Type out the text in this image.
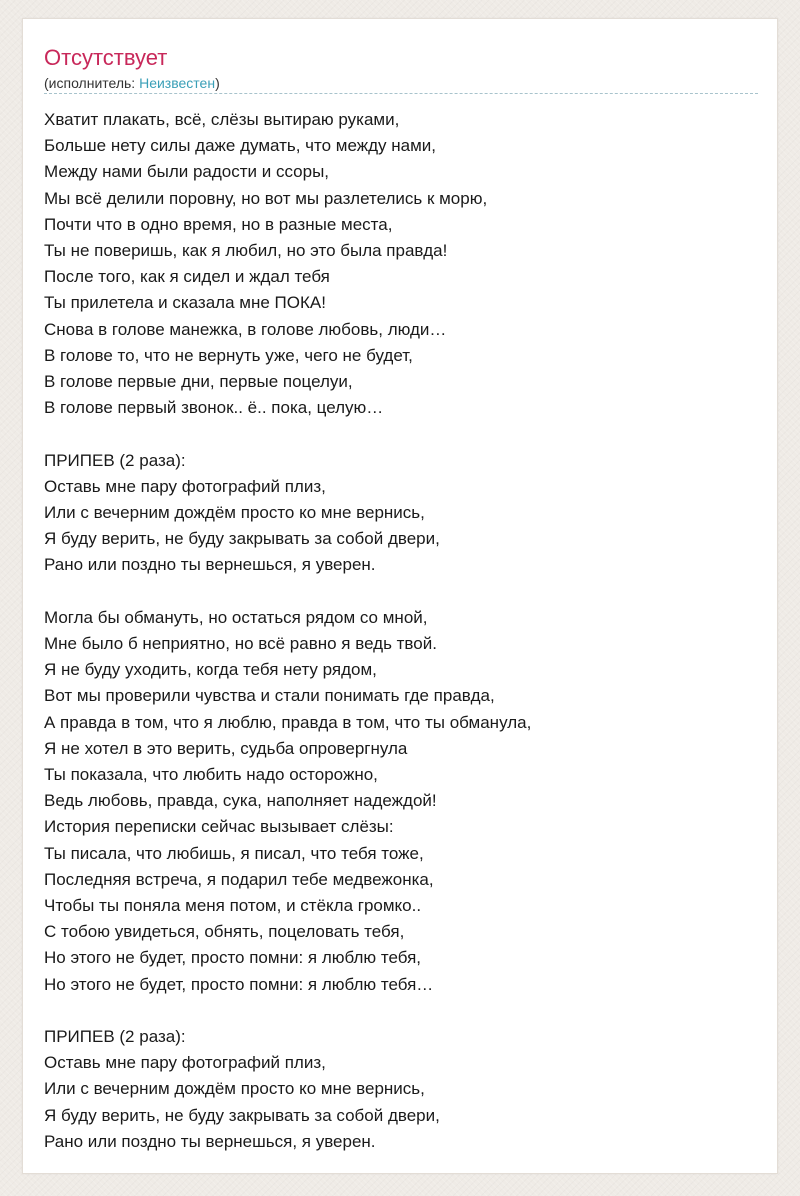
Отсутствует
(исполнитель: Неизвестен)

Хватит плакать, всё, слёзы вытираю руками,
Больше нету силы даже думать, что между нами,
Между нами были радости и ссоры,
Мы всё делили поровну, но вот мы разлетелись к морю,
Почти что в одно время, но в разные места,
Ты не поверишь, как я любил, но это была правда!
После того, как я сидел и ждал тебя
Ты прилетела и сказала мне ПОКА!
Снова в голове манежка, в голове любовь, люди…
В голове то, что не вернуть уже, чего не будет,
В голове первые дни, первые поцелуи,
В голове первый звонок.. ё.. пока, целую…

ПРИПЕВ (2 раза):
Оставь мне пару фотографий плиз,
Или с вечерним дождём просто ко мне вернись,
Я буду верить, не буду закрывать за собой двери,
Рано или поздно ты вернешься, я уверен.

Могла бы обмануть, но остаться рядом со мной,
Мне было б неприятно, но всё равно я ведь твой.
Я не буду уходить, когда тебя нету рядом,
Вот мы проверили чувства и стали понимать где правда,
А правда в том, что я люблю, правда в том, что ты обманула,
Я не хотел в это верить, судьба опровергнула
Ты показала, что любить надо осторожно,
Ведь любовь, правда, сука, наполняет надеждой!
История переписки сейчас вызывает слёзы:
Ты писала, что любишь, я писал, что тебя тоже,
Последняя встреча, я подарил тебе медвежонка,
Чтобы ты поняла меня потом, и стёкла громко..
С тобою увидеться, обнять, поцеловать тебя,
Но этого не будет, просто помни: я люблю тебя,
Но этого не будет, просто помни: я люблю тебя…

ПРИПЕВ (2 раза):
Оставь мне пару фотографий плиз,
Или с вечерним дождём просто ко мне вернись,
Я буду верить, не буду закрывать за собой двери,
Рано или поздно ты вернешься, я уверен.
